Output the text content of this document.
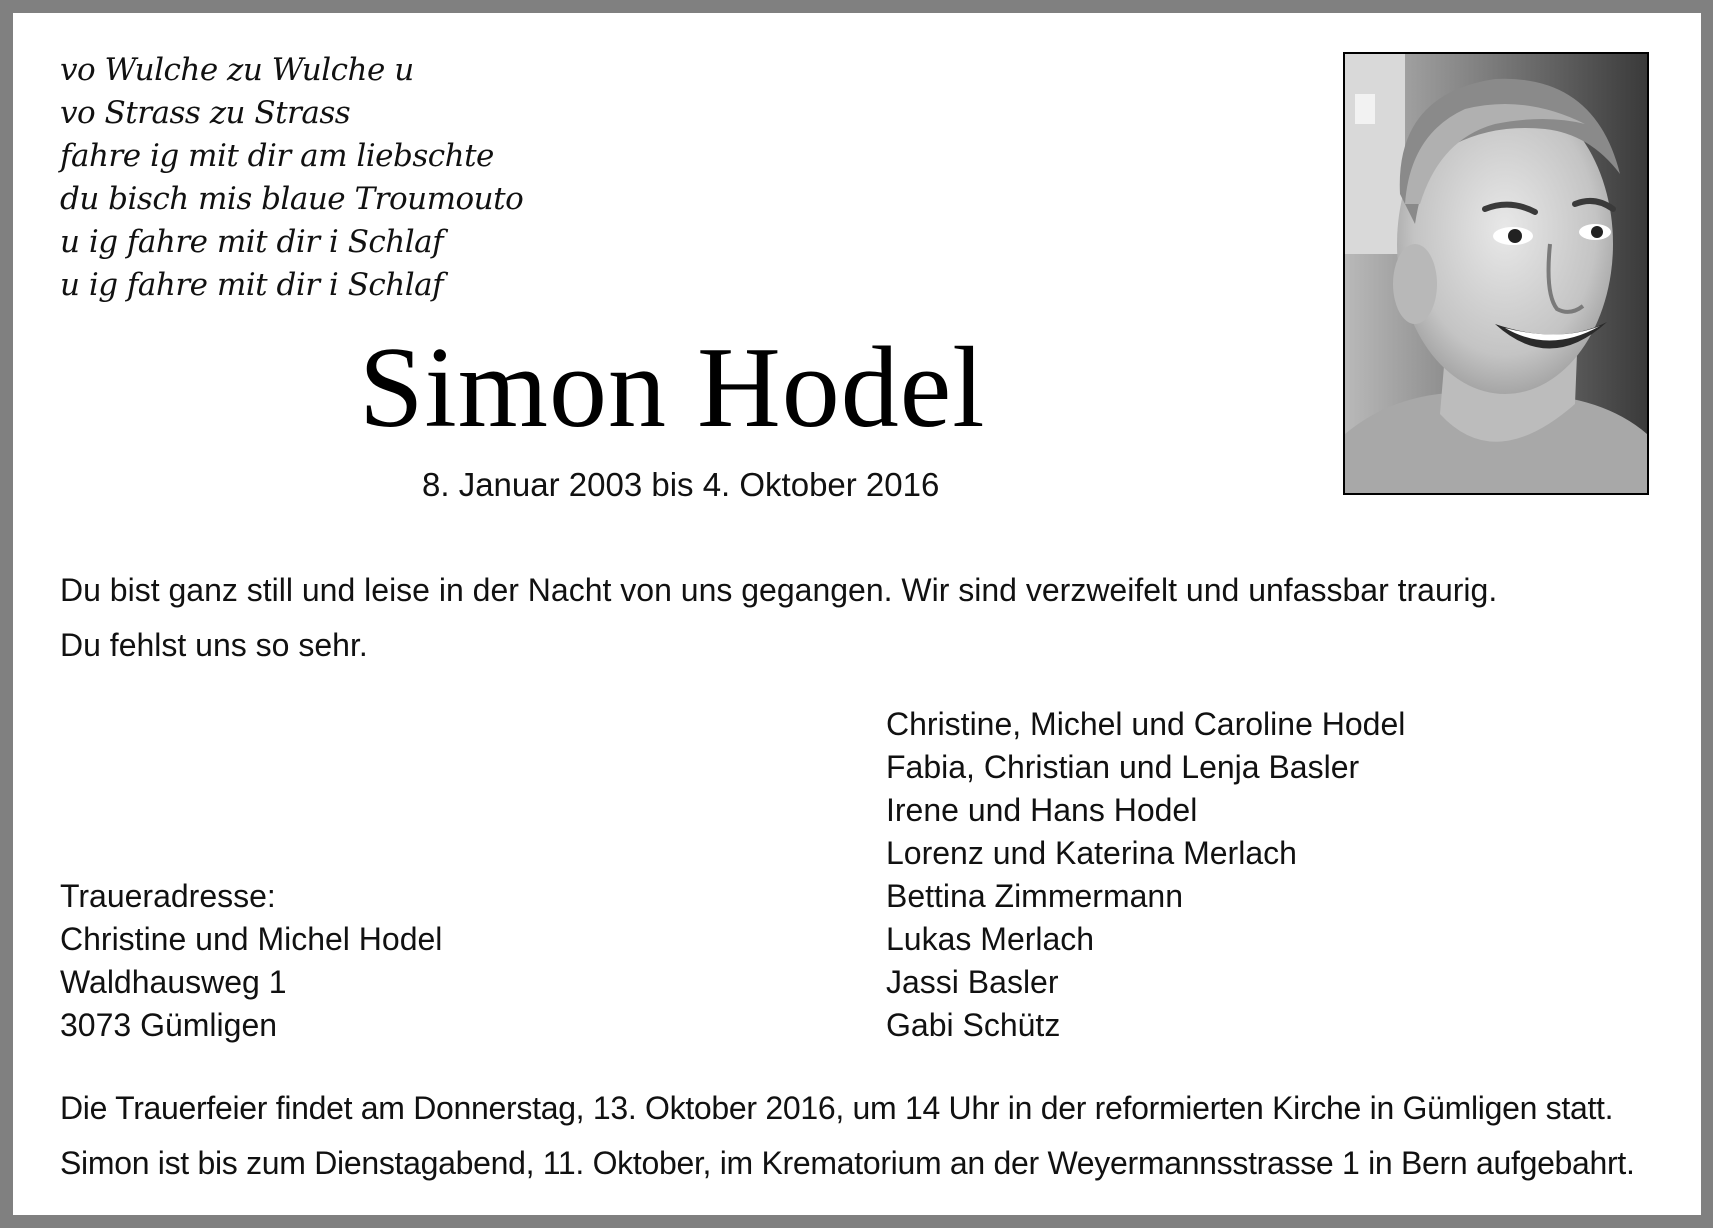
vo Wulche zu Wulche u
vo Strass zu Strass
fahre ig mit dir am liebschte
du bisch mis blaue Troumouto
u ig fahre mit dir i Schlaf
u ig fahre mit dir i Schlaf
Simon Hodel
8. Januar 2003 bis 4. Oktober 2016
Du bist ganz still und leise in der Nacht von uns gegangen. Wir sind verzweifelt und unfassbar traurig.
Du fehlst uns so sehr.
Christine, Michel und Caroline Hodel
Fabia, Christian und Lenja Basler
Irene und Hans Hodel
Lorenz und Katerina Merlach
Bettina Zimmermann
Lukas Merlach
Jassi Basler
Gabi Schütz
Traueradresse:
Christine und Michel Hodel
Waldhausweg 1
3073 Gümligen
Die Trauerfeier findet am Donnerstag, 13. Oktober 2016, um 14 Uhr in der reformierten Kirche in Gümligen statt.
Simon ist bis zum Dienstagabend, 11. Oktober, im Krematorium an der Weyermannsstrasse 1 in Bern aufgebahrt.
